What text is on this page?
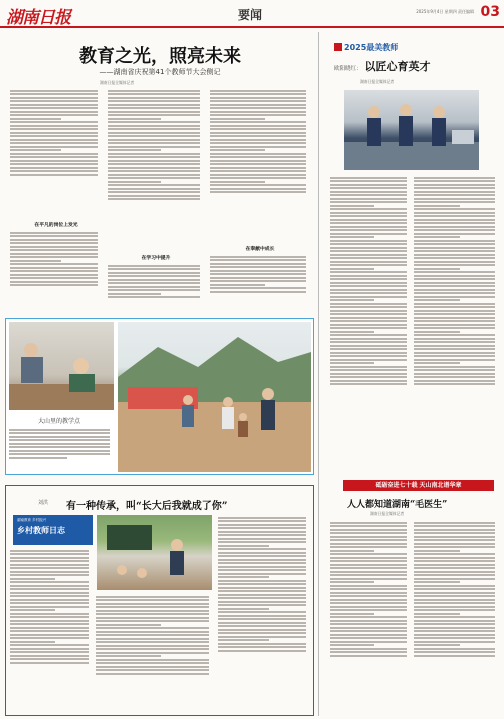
湖南日报	要闻	2025年9月4日 星期四 责任编辑 03
教育之光，照亮未来
——湖南省庆祝第41个教师节大会侧记
湖南日报全媒体记者
在平凡的岗位上发光
在学习中提升
在奉献中成长
大山里的教学点
刘洪 有一种传承，叫“长大后我就成了你”
湖南教育 乡村振兴
乡村教师日志
2025最美教师
欧阳晓红： 以匠心育英才
湖南日报全媒体记者
砥砺奋进七十载 天山南北谱华章
人人都知道湖南“毛医生”
湖南日报全媒体记者
